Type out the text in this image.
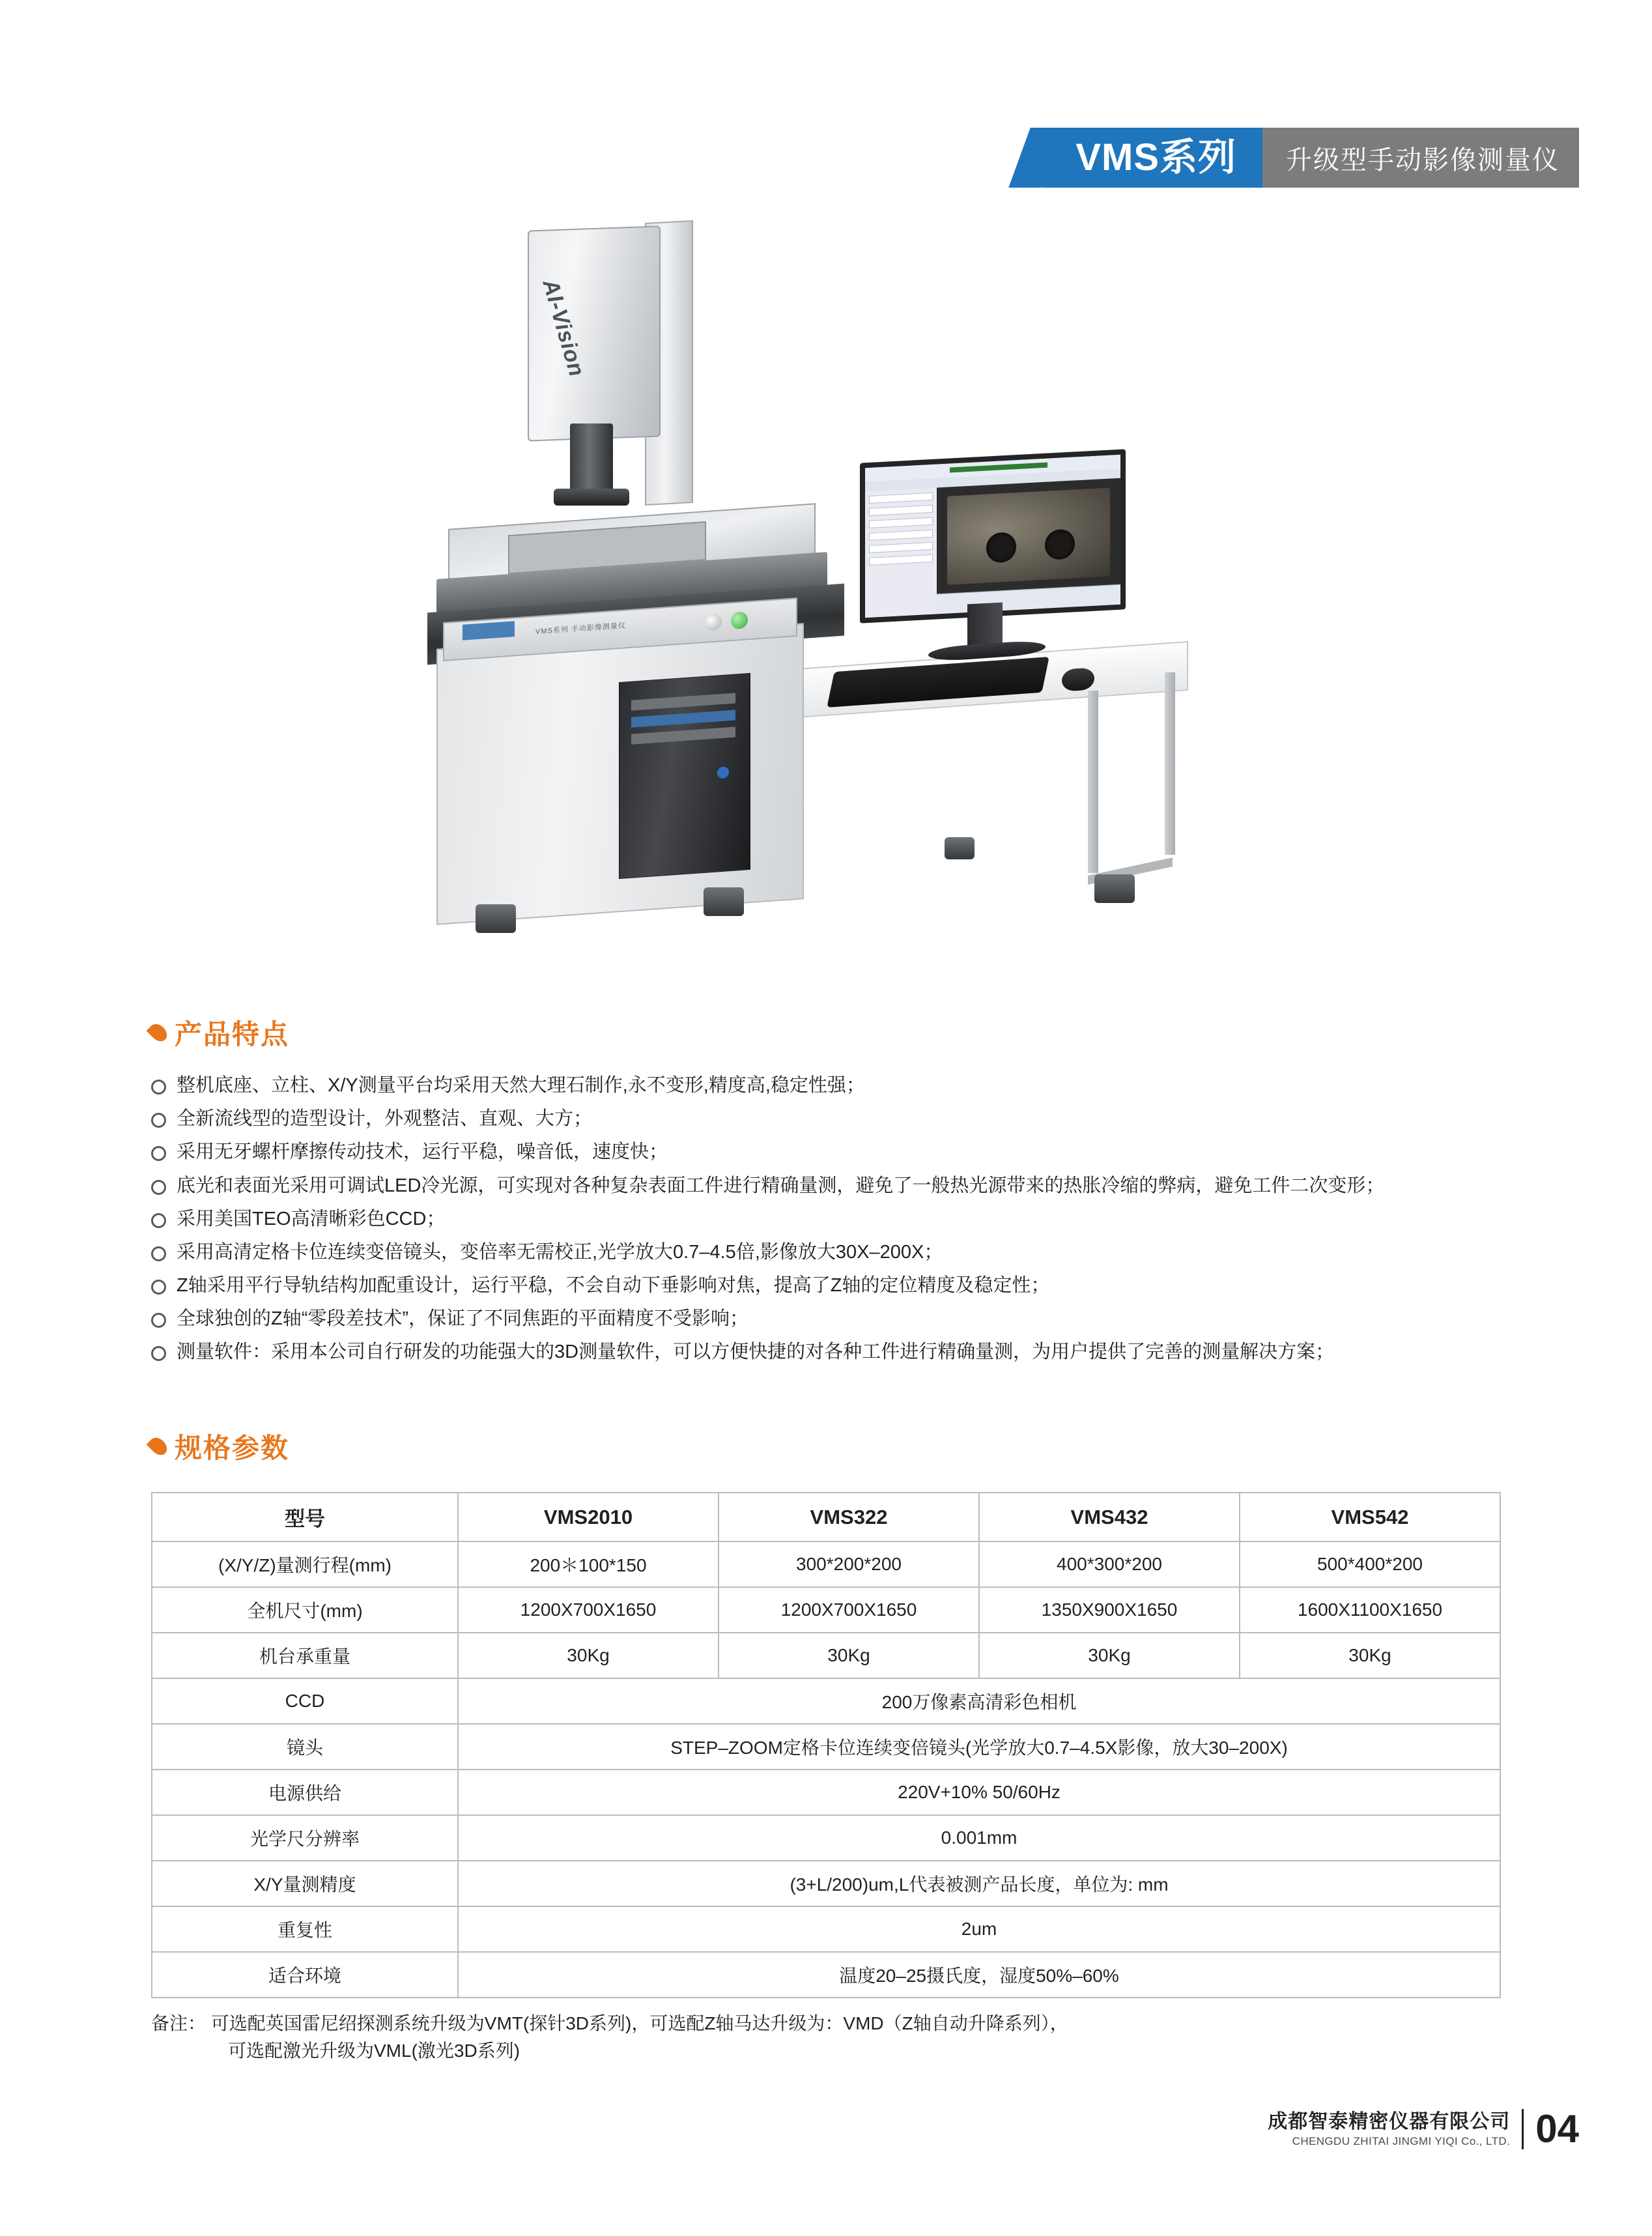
VMS系列	升级型手动影像测量仪
AI-Vision
VMS系列 手动影像测量仪
产品特点
整机底座、立柱、X/Y测量平台均采用天然大理石制作,永不变形,精度高,稳定性强；
全新流线型的造型设计，外观整洁、直观、大方；
采用无牙螺杆摩擦传动技术，运行平稳，噪音低，速度快；
底光和表面光采用可调试LED冷光源，可实现对各种复杂表面工件进行精确量测，避免了一般热光源带来的热胀冷缩的弊病，避免工件二次变形；
采用美国TEO高清晰彩色CCD；
采用高清定格卡位连续变倍镜头，变倍率无需校正,光学放大0.7–4.5倍,影像放大30X–200X；
Z轴采用平行导轨结构加配重设计，运行平稳，不会自动下垂影响对焦，提高了Z轴的定位精度及稳定性；
全球独创的Z轴“零段差技术”，保证了不同焦距的平面精度不受影响；
测量软件：采用本公司自行研发的功能强大的3D测量软件，可以方便快捷的对各种工件进行精确量测，为用户提供了完善的测量解决方案；
规格参数
型号	VMS2010	VMS322	VMS432	VMS542
(X/Y/Z)量测行程(mm)	200＊100*150	300*200*200	400*300*200	500*400*200
全机尺寸(mm)	1200X700X1650	1200X700X1650	1350X900X1650	1600X1100X1650
机台承重量	30Kg	30Kg	30Kg	30Kg
CCD	200万像素高清彩色相机			
镜头	STEP–ZOOM定格卡位连续变倍镜头(光学放大0.7–4.5X影像，放大30–200X)			
电源供给	220V+10% 50/60Hz			
光学尺分辨率	0.001mm			
X/Y量测精度	(3+L/200)um,L代表被测产品长度，单位为: mm			
重复性	2um			
适合环境	温度20–25摄氏度，湿度50%–60%			
备注： 可选配英国雷尼绍探测系统升级为VMT(探针3D系列)，可选配Z轴马达升级为：VMD（Z轴自动升降系列），
可选配激光升级为VML(激光3D系列)
成都智泰精密仪器有限公司
CHENGDU ZHITAI JINGMI YIQI Co., LTD. 04
